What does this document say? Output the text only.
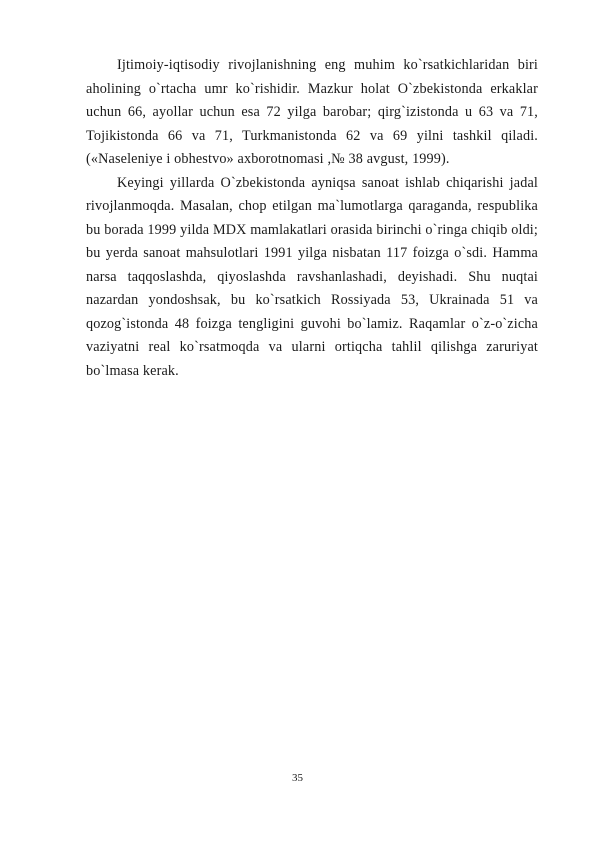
Ijtimoiy-iqtisodiy rivojlanishning eng muhim ko`rsatkichlaridan biri aholining o`rtacha umr ko`rishidir. Mazkur holat O`zbekistonda erkaklar uchun 66, ayollar uchun esa 72 yilga barobar; qirg`izistonda u 63 va 71, Tojikistonda 66 va 71, Turkmanistonda 62 va 69 yilni tashkil qiladi. («Naseleniye i obhestvo» axborotnomasi ,№ 38 avgust, 1999).

Keyingi yillarda O`zbekistonda ayniqsa sanoat ishlab chiqarishi jadal rivojlanmoqda. Masalan, chop etilgan ma`lumotlarga qaraganda, respublika bu borada 1999 yilda MDX mamlakatlari orasida birinchi o`ringa chiqib oldi; bu yerda sanoat mahsulotlari 1991 yilga nisbatan 117 foizga o`sdi. Hamma narsa taqqoslashda, qiyoslashda ravshanlashadi, deyishadi. Shu nuqtai nazardan yondoshsak, bu ko`rsatkich Rossiyada 53, Ukrainada 51 va qozog`istonda 48 foizga tengligini guvohi bo`lamiz. Raqamlar o`z-o`zicha vaziyatni real ko`rsatmoqda va ularni ortiqcha tahlil qilishga zaruriyat bo`lmasa kerak.

35
